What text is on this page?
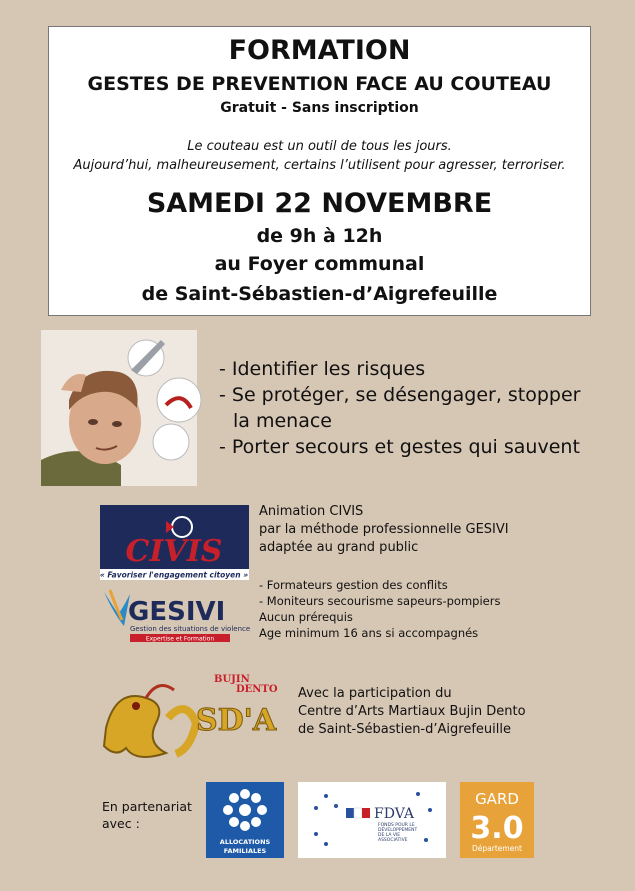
FORMATION
GESTES DE PREVENTION FACE AU COUTEAU
Gratuit - Sans inscription
Le couteau est un outil de tous les jours.
Aujourd’hui, malheureusement, certains l’utilisent pour agresser, terroriser.
SAMEDI 22 NOVEMBRE
de 9h à 12h
au Foyer communal
de Saint-Sébastien-d’Aigrefeuille
- Identifier les risques
- Se protéger, se désengager, stopper
la menace
- Porter secours et gestes qui sauvent
CIVIS
« Favoriser l'engagement citoyen »
GESIVI
Gestion des situations de violence
Expertise et Formation
Animation CIVIS
par la méthode professionnelle GESIVI
adaptée au grand public
- Formateurs gestion des conflits
- Moniteurs secourisme sapeurs-pompiers
Aucun prérequis
Age minimum 16 ans si accompagnés
BUJIN
DENTO
SD'A
Avec la participation du
Centre d’Arts Martiaux Bujin Dento
de Saint-Sébastien-d’Aigrefeuille
En partenariat
avec :
ALLOCATIONS
FAMILIALES
FDVA
FONDS POUR LE
DÉVELOPPEMENT
DE LA VIE
ASSOCIATIVE
GARD
3.0
Département
